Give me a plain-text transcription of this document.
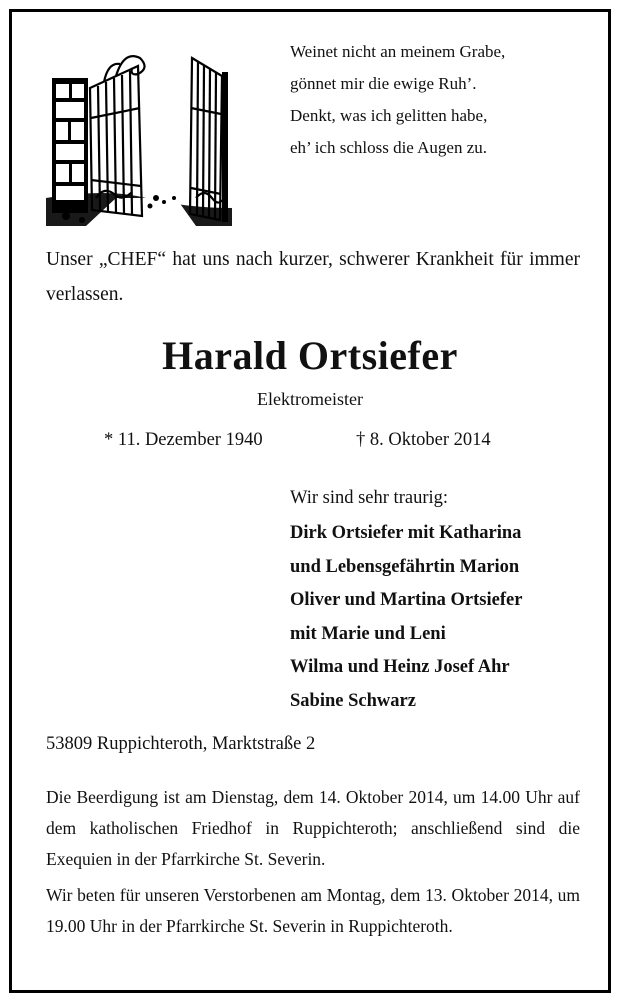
Weinet nicht an meinem Grabe,
gönnet mir die ewige Ruh’.
Denkt, was ich gelitten habe,
eh’ ich schloss die Augen zu.
Unser „CHEF“ hat uns nach kurzer, schwerer Krankheit für immer verlassen.
Harald Ortsiefer
Elektromeister
* 11. Dezember 1940	† 8. Oktober 2014
Wir sind sehr traurig:
Dirk Ortsiefer mit Katharina
und Lebensgefährtin Marion
Oliver und Martina Ortsiefer
mit Marie und Leni
Wilma und Heinz Josef Ahr
Sabine Schwarz
53809 Ruppichteroth, Marktstraße 2
Die Beerdigung ist am Dienstag, dem 14. Oktober 2014, um 14.00 Uhr auf dem katholischen Friedhof in Ruppichteroth; anschließend sind die Exequien in der Pfarrkirche St. Severin.
Wir beten für unseren Verstorbenen am Montag, dem 13. Oktober 2014, um 19.00 Uhr in der Pfarrkirche St. Severin in Ruppichteroth.
